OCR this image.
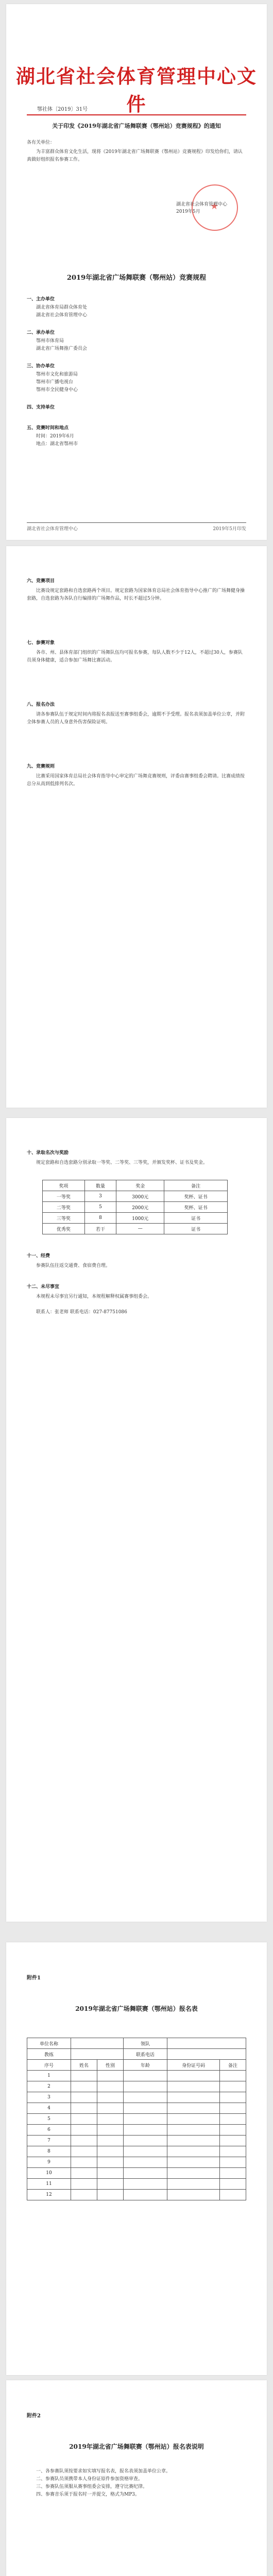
湖北省社会体育管理中心文件
鄂社体〔2019〕31号
关于印发《2019年湖北省广场舞联赛（鄂州站）竞赛规程》的通知
各有关单位：
为丰富群众体育文化生活，现将《2019年湖北省广场舞联赛（鄂州站）竞赛规程》印发给你们，请认真做好组织报名参赛工作。
★
湖北省社会体育管理中心
2019年5月
2019年湖北省广场舞联赛（鄂州站）竞赛规程
一、主办单位
湖北省体育局群众体育处
湖北省社会体育管理中心
二、承办单位
鄂州市体育局
湖北省广场舞推广委员会
三、协办单位
鄂州市文化和旅游局
鄂州市广播电视台
鄂州市全民健身中心
四、支持单位
五、竞赛时间和地点
时间：2019年6月
地点：湖北省鄂州市
湖北省社会体育管理中心	2019年5月印发
六、竞赛项目
比赛设规定套路和自选套路两个项目。规定套路为国家体育总局社会体育指导中心推广的广场舞健身操套路，自选套路为各队自行编排的广场舞作品，时长不超过5分钟。
七、参赛对象
各市、州、县体育部门组织的广场舞队伍均可报名参赛，每队人数不少于12人，不超过30人，参赛队员须身体健康，适合参加广场舞比赛活动。
八、报名办法
请各参赛队伍于规定时间内将报名表报送至赛事组委会，逾期不予受理。报名表须加盖单位公章，并附全体参赛人员的人身意外伤害保险证明。
九、竞赛规则
比赛采用国家体育总局社会体育指导中心审定的广场舞竞赛规则，评委由赛事组委会聘请。比赛成绩按总分从高到低排列名次。
十、录取名次与奖励
规定套路和自选套路分别录取一等奖、二等奖、三等奖，并颁发奖杯、证书及奖金。
奖项	数量	奖金	备注
一等奖	3	3000元	奖杯、证书
二等奖	5	2000元	奖杯、证书
三等奖	8	1000元	证书
优秀奖	若干	—	证书
十一、经费
参赛队伍往返交通费、食宿费自理。
十二、未尽事宜
本规程未尽事宜另行通知，本规程解释权属赛事组委会。
联系人：张老师 联系电话：027-87751086
附件1
2019年湖北省广场舞联赛（鄂州站）报名表
单位名称			领队		
教练			联系电话		
序号	姓名	性别	年龄	身份证号码	备注
1					
2					
3					
4					
5					
6					
7					
8					
9					
10					
11					
12					
附件2
2019年湖北省广场舞联赛（鄂州站）报名表说明
一、各参赛队须按要求如实填写报名表，报名表须加盖单位公章。
二、参赛队员须携带本人身份证原件参加资格审查。
三、参赛队伍须服从赛事组委会安排，遵守比赛纪律。
四、参赛音乐须于报名时一并提交，格式为MP3。
